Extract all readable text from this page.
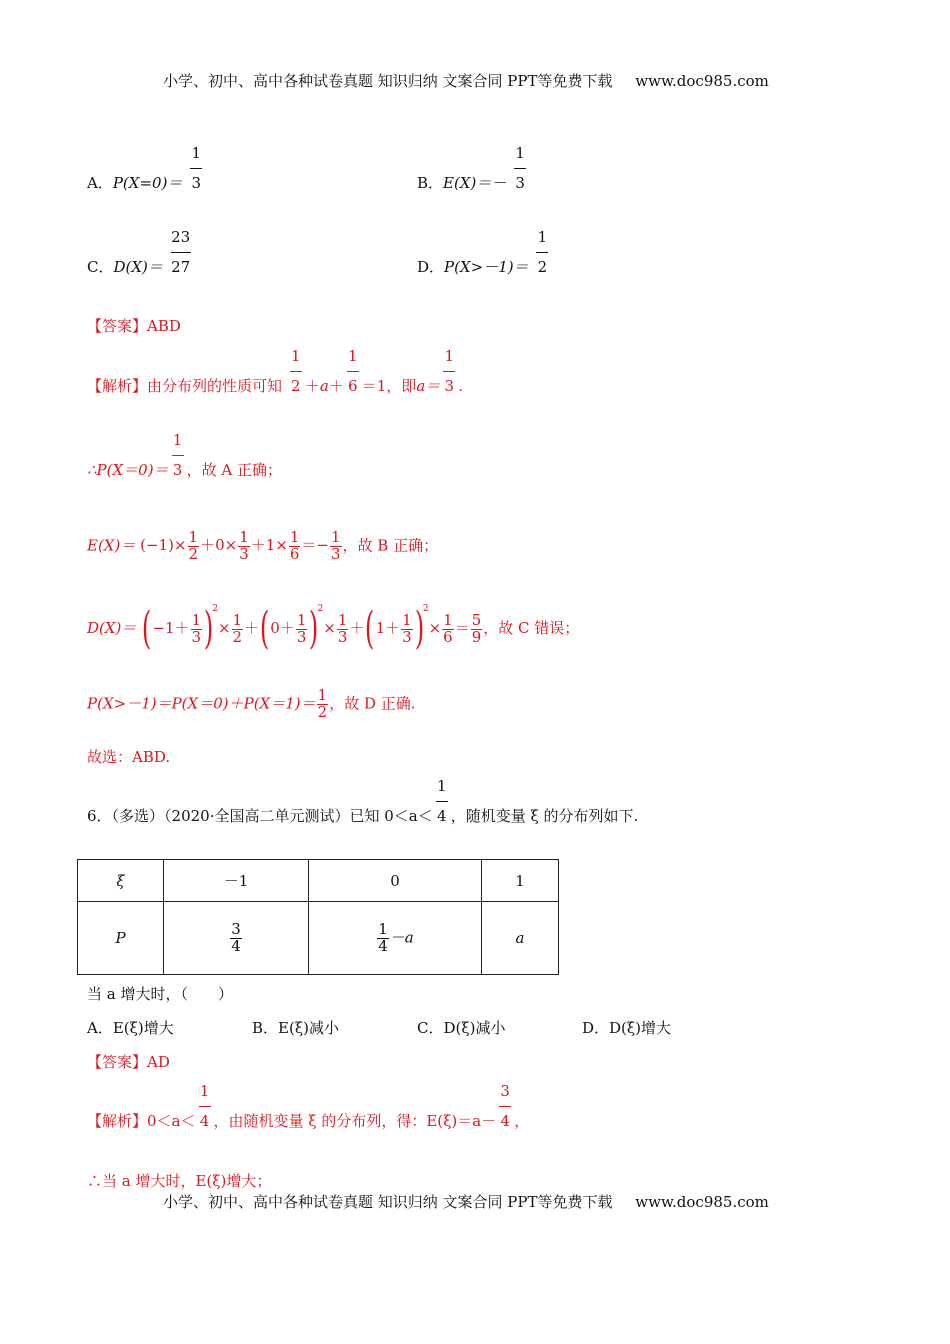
小学、初中、高中各种试卷真题 知识归纳 文案合同 PPT等免费下载 www.doc985.com
A．$P(X=0)= \frac{1}{3}$	B．$E(X)=- \frac{1}{3}$
C．$D(X)= \frac{23}{27}$	D．$P(X>-1)= \frac{1}{2}$
【答案】ABD
【解析】由分布列的性质可知 $\frac{1}{2} +a+ \frac{1}{6} =1$，即$a= \frac{1}{3}$ .
∴P(X＝0)＝ $\frac{1}{3}$ ，故 A 正确；
$E(X)= (-1)\times \frac{1}{2} +0\times \frac{1}{3} +1\times \frac{1}{6} =- \frac{1}{3}$ ，故 B 正确；
$D(X)= (-1+ \frac{1}{3} )^2\times \frac{1}{2} +(0+ \frac{1}{3} )^2\times \frac{1}{3} +(1+ \frac{1}{3} )^2\times \frac{1}{6} = \frac{5}{9}$ ，故 C 错误；
$P(X>-1)=P(X=0)+P(X=1)= \frac{1}{2}$ ，故 D 正确.
故选：ABD.
6．（多选）（2020·全国高二单元测试）已知 $0<a< \frac{1}{4}$ ，随机变量 ξ 的分布列如下.
ξ	－1	0	1
P	$\frac{3}{4}$	$\frac{1}{4} -a$	a
当 a 增大时，（　　）
A．E(ξ)增大	B．E(ξ)减小	C．D(ξ)减小	D．D(ξ)增大
【答案】AD
【解析】$0<a< \frac{1}{4}$ ，由随机变量 ξ 的分布列，得：$E(\xi)=a- \frac{3}{4}$ ，
∴当 a 增大时，E(ξ)增大；
小学、初中、高中各种试卷真题 知识归纳 文案合同 PPT等免费下载 www.doc985.com
